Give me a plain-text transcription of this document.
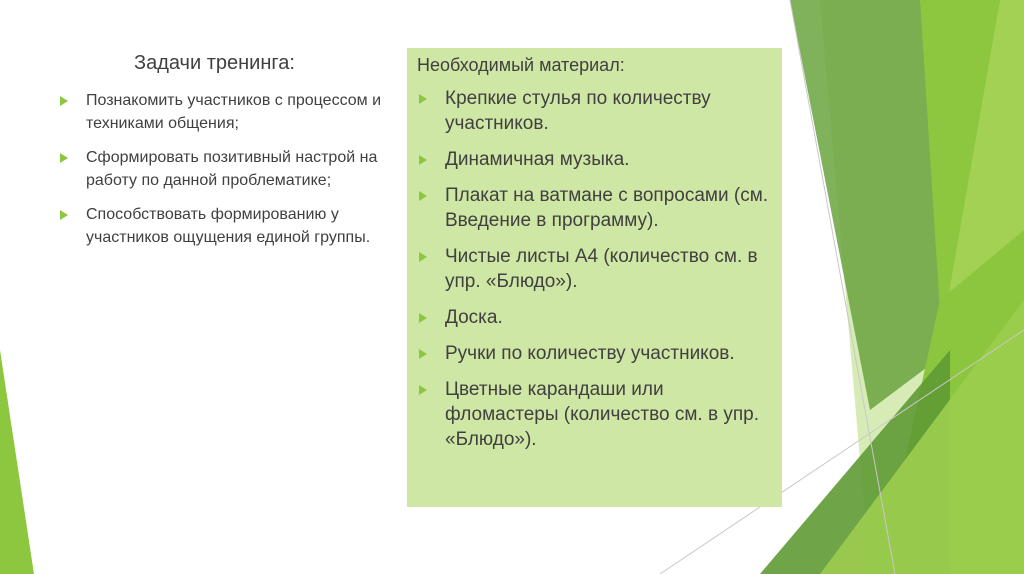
Задачи тренинга:
Познакомить участников с процессом и техниками общения;
Сформировать позитивный настрой на работу по данной проблематике;
Способствовать формированию у участников ощущения единой группы.
Необходимый материал:
Крепкие стулья по количеству участников.
Динамичная музыка.
Плакат на ватмане с вопросами (см. Введение в программу).
Чистые листы А4 (количество см. в упр. «Блюдо»).
Доска.
Ручки по количеству участников.
Цветные карандаши или фломастеры (количество см. в упр. «Блюдо»).
